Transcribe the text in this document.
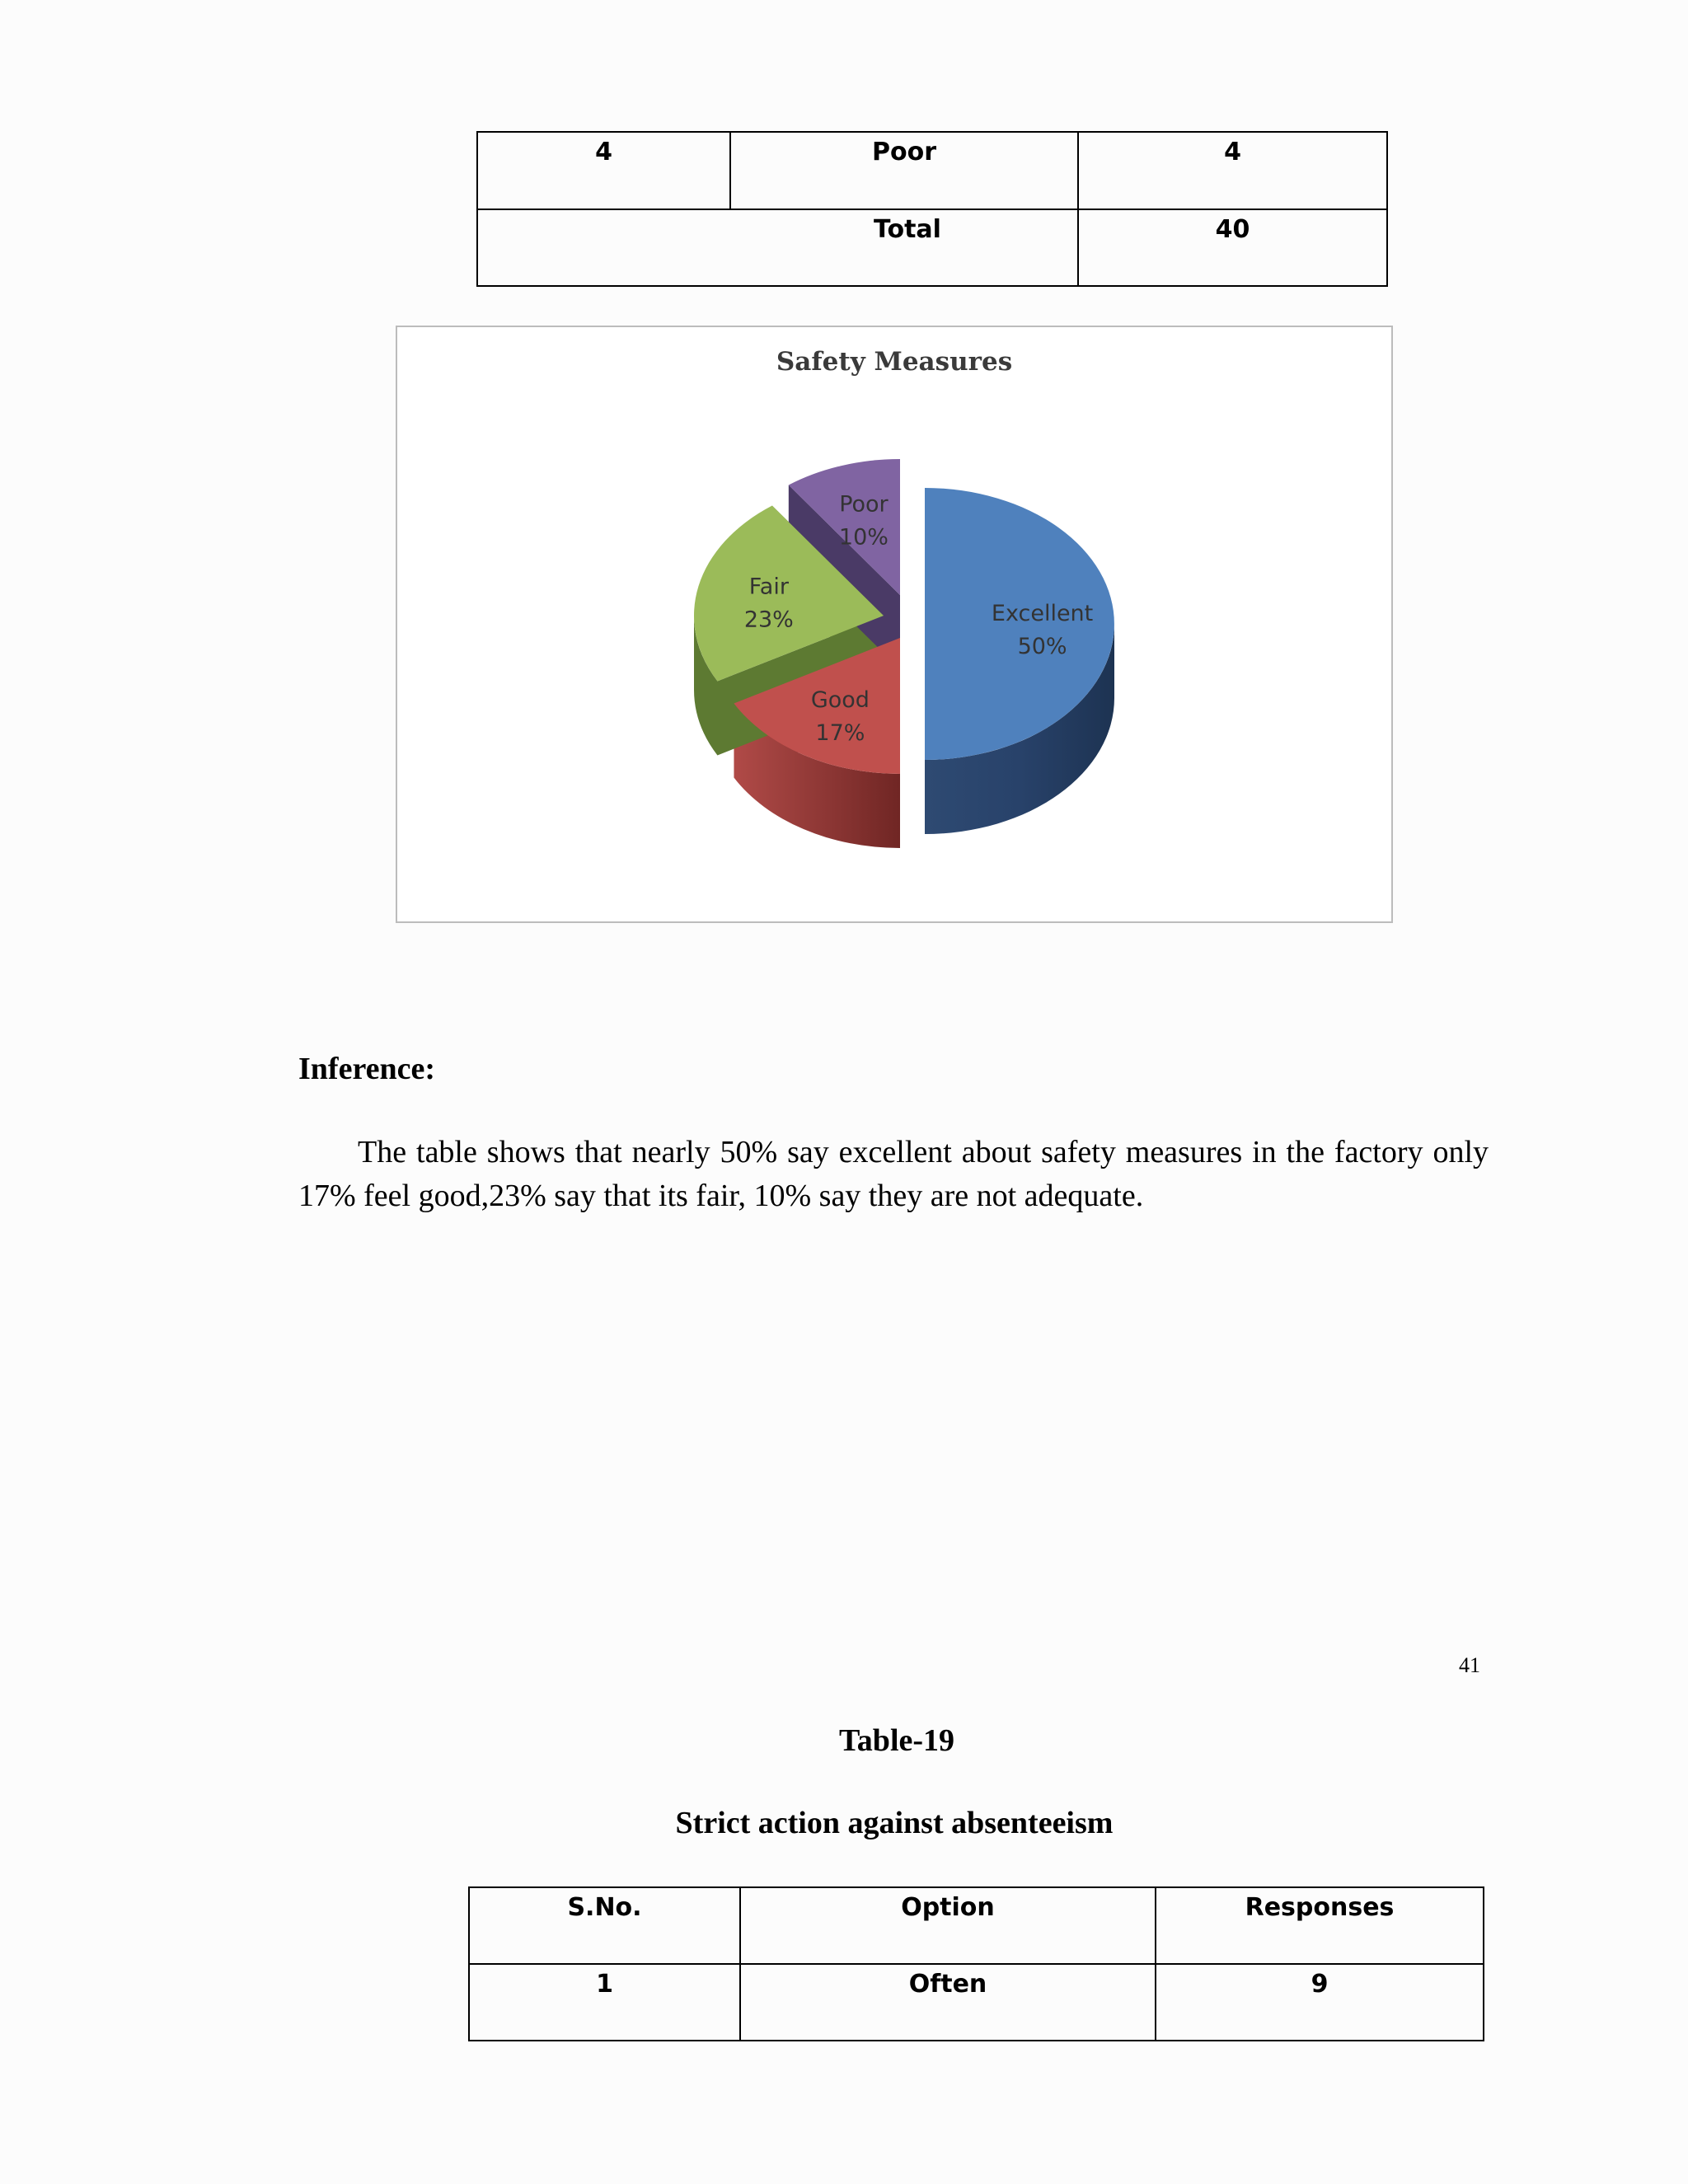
4	Poor	4
Total		40
Safety Measures
Excellent
50%
Good
17%
Fair
23%
Poor
10%
Inference:
The table shows that nearly 50% say excellent about safety measures in the factory only 17% feel good,23% say that its fair, 10% say they are not adequate.
41
Table-19
Strict action against absenteeism
S.No.	Option	Responses
1	Often	9
